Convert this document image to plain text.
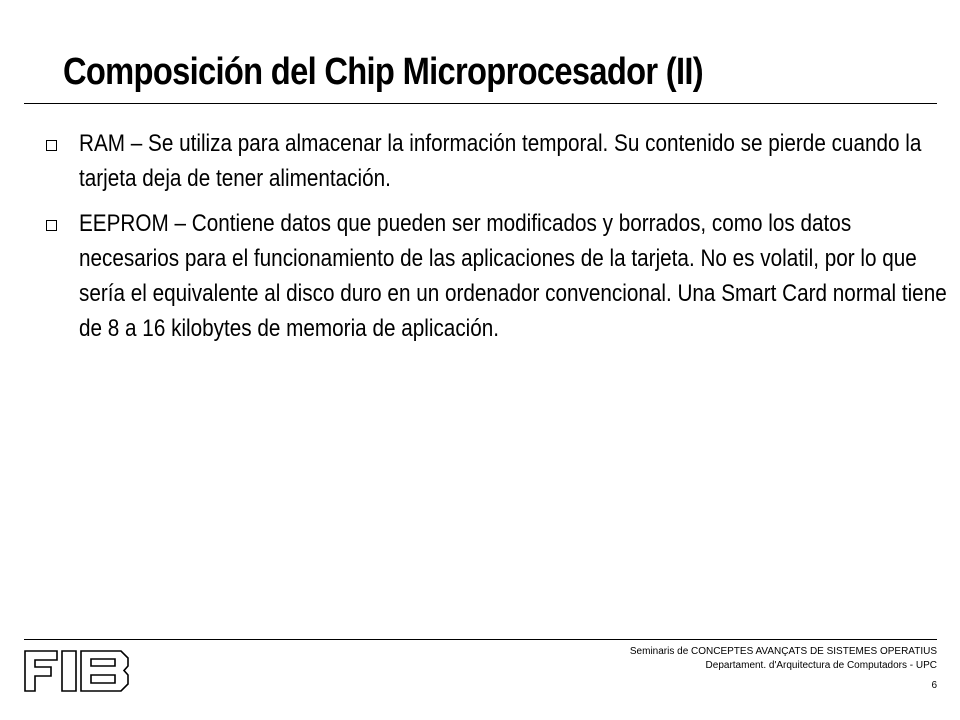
Composición del Chip Microprocesador (II)
RAM – Se utiliza para almacenar la información temporal. Su contenido se pierde cuando la tarjeta deja de tener alimentación.
EEPROM – Contiene datos que pueden ser modificados y borrados, como los datos necesarios para el funcionamiento de las aplicaciones de la tarjeta. No es volatil, por lo que sería el equivalente al disco duro en un ordenador convencional. Una Smart Card normal tiene de 8 a 16 kilobytes de memoria de aplicación.
Seminaris de CONCEPTES AVANÇATS DE SISTEMES OPERATIUS
Departament. d'Arquitectura de Computadors - UPC
6
